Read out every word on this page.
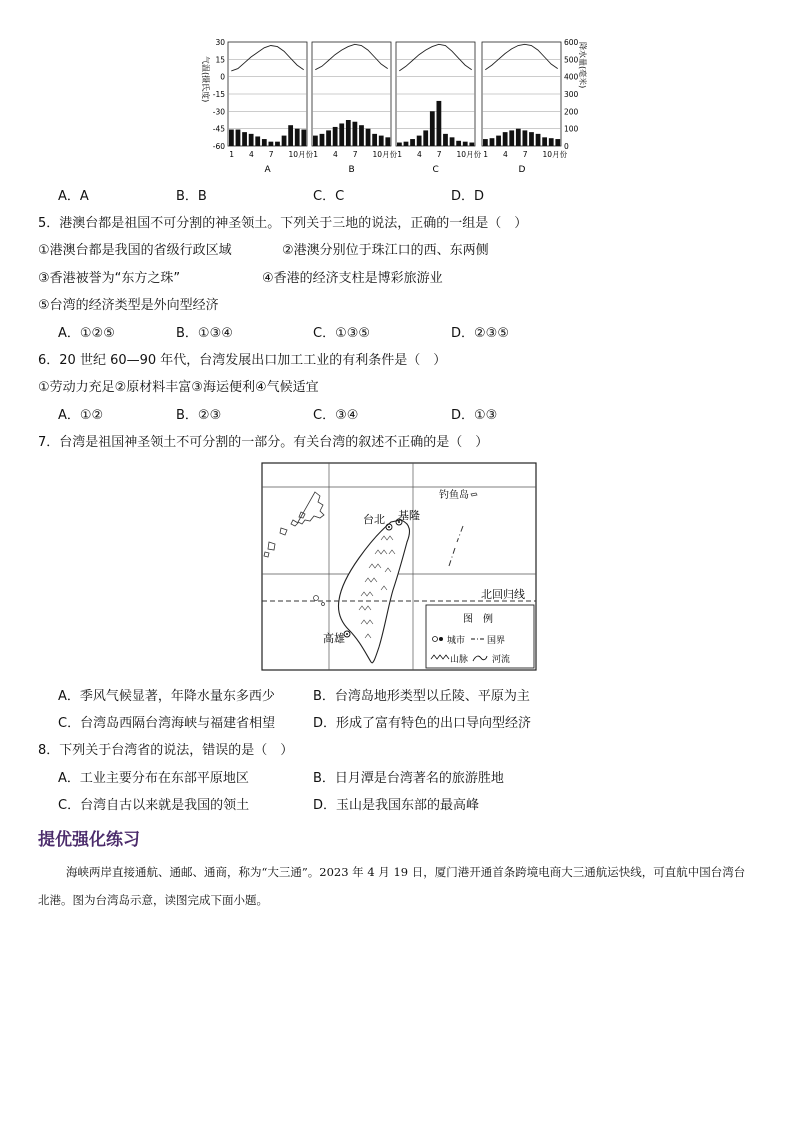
气温(摄氏度)	降水量(毫米)
30
15
0
-15
-30
-45
-60
600
500
400
300
200
100
0
1 4 7 10月份
A
1 4 7 10月份
B
1 4 7 10月份
C
1 4 7 10月份
D
A．A	B．B	C．C	D．D
5．港澳台都是祖国不可分割的神圣领土。下列关于三地的说法，正确的一组是（　）
①港澳台都是我国的省级行政区域	②港澳分别位于珠江口的西、东两侧
③香港被誉为“东方之珠”	④香港的经济支柱是博彩旅游业
⑤台湾的经济类型是外向型经济
A．①②⑤	B．①③④	C．①③⑤	D．②③⑤
6．20 世纪 60—90 年代，台湾发展出口加工工业的有利条件是（　）
①劳动力充足②原材料丰富③海运便利④气候适宜
A．①②	B．②③	C．③④	D．①③
7．台湾是祖国神圣领土不可分割的一部分。有关台湾的叙述不正确的是（　）
钓鱼岛
台北 基隆
北回归线
高雄
图　例
城市 国界
山脉	河流
A．季风气候显著，年降水量东多西少	B．台湾岛地形类型以丘陵、平原为主
C．台湾岛西隔台湾海峡与福建省相望	D．形成了富有特色的出口导向型经济
8．下列关于台湾省的说法，错误的是（　）
A．工业主要分布在东部平原地区	B．日月潭是台湾著名的旅游胜地
C．台湾自古以来就是我国的领土	D．玉山是我国东部的最高峰
提优强化练习
海峡两岸直接通航、通邮、通商，称为“大三通”。2023 年 4 月 19 日，厦门港开通首条跨境电商大三通航运快线，可直航中国台湾台北港。图为台湾岛示意，读图完成下面小题。
